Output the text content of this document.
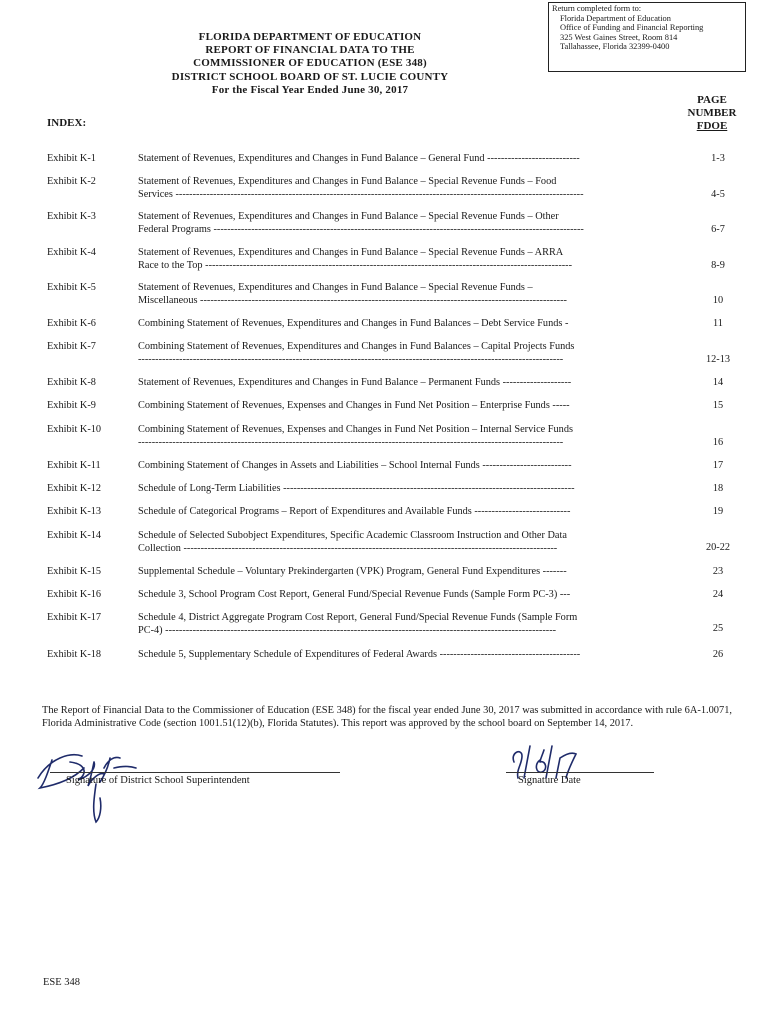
FLORIDA DEPARTMENT OF EDUCATION
REPORT OF FINANCIAL DATA TO THE
COMMISSIONER OF EDUCATION (ESE 348)
DISTRICT SCHOOL BOARD OF ST. LUCIE COUNTY
For the Fiscal Year Ended June 30, 2017
Return completed form to:
Florida Department of Education
Office of Funding and Financial Reporting
325 West Gaines Street, Room 814
Tallahassee, Florida 32399-0400
PAGE
NUMBER
FDOE
INDEX:
Exhibit K-1	Statement of Revenues, Expenditures and Changes in Fund Balance – General Fund ---------------------------	1-3
Exhibit K-2	Statement of Revenues, Expenditures and Changes in Fund Balance – Special Revenue Funds – Food
Services -----------------------------------------------------------------------------------------------------------------------	4-5
Exhibit K-3	Statement of Revenues, Expenditures and Changes in Fund Balance – Special Revenue Funds – Other
Federal Programs ------------------------------------------------------------------------------------------------------------	6-7
Exhibit K-4	Statement of Revenues, Expenditures and Changes in Fund Balance – Special Revenue Funds – ARRA
Race to the Top -----------------------------------------------------------------------------------------------------------	8-9
Exhibit K-5	Statement of Revenues, Expenditures and Changes in Fund Balance – Special Revenue Funds –
Miscellaneous -----------------------------------------------------------------------------------------------------------	10
Exhibit K-6	Combining Statement of Revenues, Expenditures and Changes in Fund Balances – Debt Service Funds -	11
Exhibit K-7	Combining Statement of Revenues, Expenditures and Changes in Fund Balances – Capital Projects Funds
----------------------------------------------------------------------------------------------------------------------------	12-13
Exhibit K-8	Statement of Revenues, Expenditures and Changes in Fund Balance – Permanent Funds --------------------	14
Exhibit K-9	Combining Statement of Revenues, Expenses and Changes in Fund Net Position – Enterprise Funds -----	15
Exhibit K-10	Combining Statement of Revenues, Expenses and Changes in Fund Net Position – Internal Service Funds
----------------------------------------------------------------------------------------------------------------------------	16
Exhibit K-11	Combining Statement of Changes in Assets and Liabilities – School Internal Funds --------------------------	17
Exhibit K-12	Schedule of Long-Term Liabilities -------------------------------------------------------------------------------------	18
Exhibit K-13	Schedule of Categorical Programs – Report of Expenditures and Available Funds ----------------------------	19
Exhibit K-14	Schedule of Selected Subobject Expenditures, Specific Academic Classroom Instruction and Other Data
Collection -------------------------------------------------------------------------------------------------------------	20-22
Exhibit K-15	Supplemental Schedule – Voluntary Prekindergarten (VPK) Program, General Fund Expenditures -------	23
Exhibit K-16	Schedule 3, School Program Cost Report, General Fund/Special Revenue Funds (Sample Form PC-3) ---	24
Exhibit K-17	Schedule 4, District Aggregate Program Cost Report, General Fund/Special Revenue Funds (Sample Form
PC-4) ------------------------------------------------------------------------------------------------------------------	25
Exhibit K-18	Schedule 5, Supplementary Schedule of Expenditures of Federal Awards -----------------------------------------	26
The Report of Financial Data to the Commissioner of Education (ESE 348) for the fiscal year ended June 30, 2017 was submitted in accordance with rule 6A-1.0071, Florida Administrative Code (section 1001.51(12)(b), Florida Statutes). This report was approved by the school board on September 14, 2017.
Signature of District School Superintendent	Signature Date
ESE 348
